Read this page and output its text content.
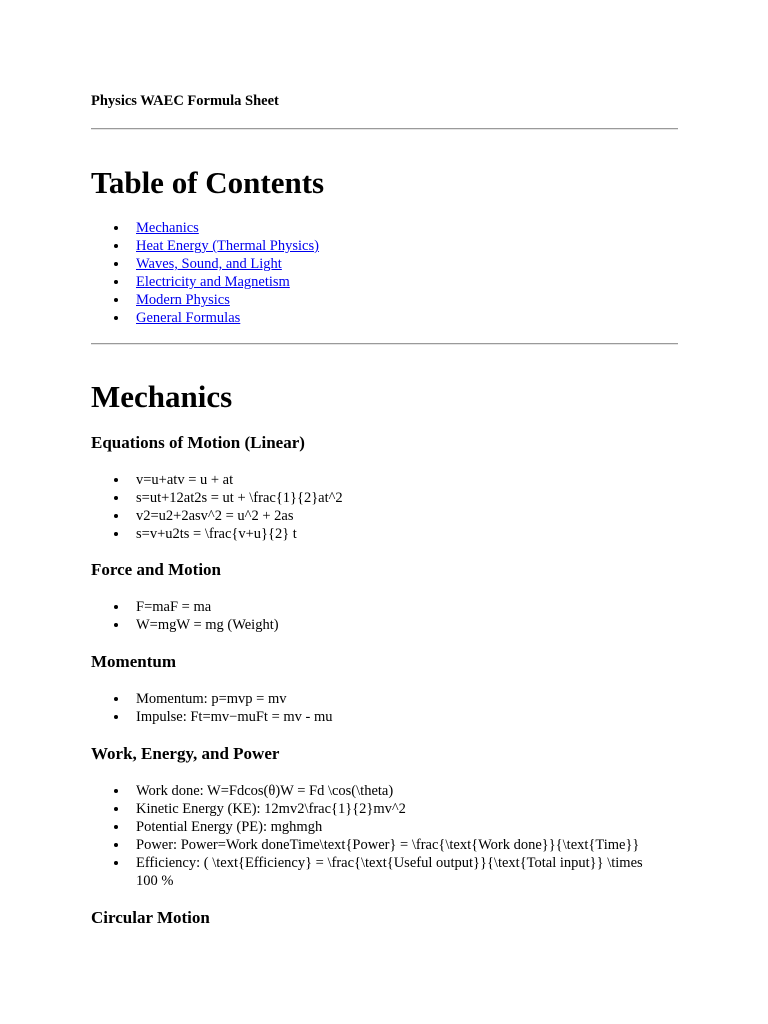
Physics WAEC Formula Sheet
Table of Contents
Mechanics
Heat Energy (Thermal Physics)
Waves, Sound, and Light
Electricity and Magnetism
Modern Physics
General Formulas
Mechanics
Equations of Motion (Linear)
v=u+atv = u + at
s=ut+12at2s = ut + \frac{1}{2}at^2
v2=u2+2asv^2 = u^2 + 2as
s=v+u2ts = \frac{v+u}{2} t
Force and Motion
F=maF = ma
W=mgW = mg (Weight)
Momentum
Momentum: p=mvp = mv
Impulse: Ft=mv−muFt = mv - mu
Work, Energy, and Power
Work done: W=Fdcos(θ)W = Fd \cos(\theta)
Kinetic Energy (KE): 12mv2\frac{1}{2}mv^2
Potential Energy (PE): mghmgh
Power: Power=Work doneTime\text{Power} = \frac{\text{Work done}}{\text{Time}}
Efficiency: ( \text{Efficiency} = \frac{\text{Useful output}}{\text{Total input}} \times 100 %
Circular Motion
